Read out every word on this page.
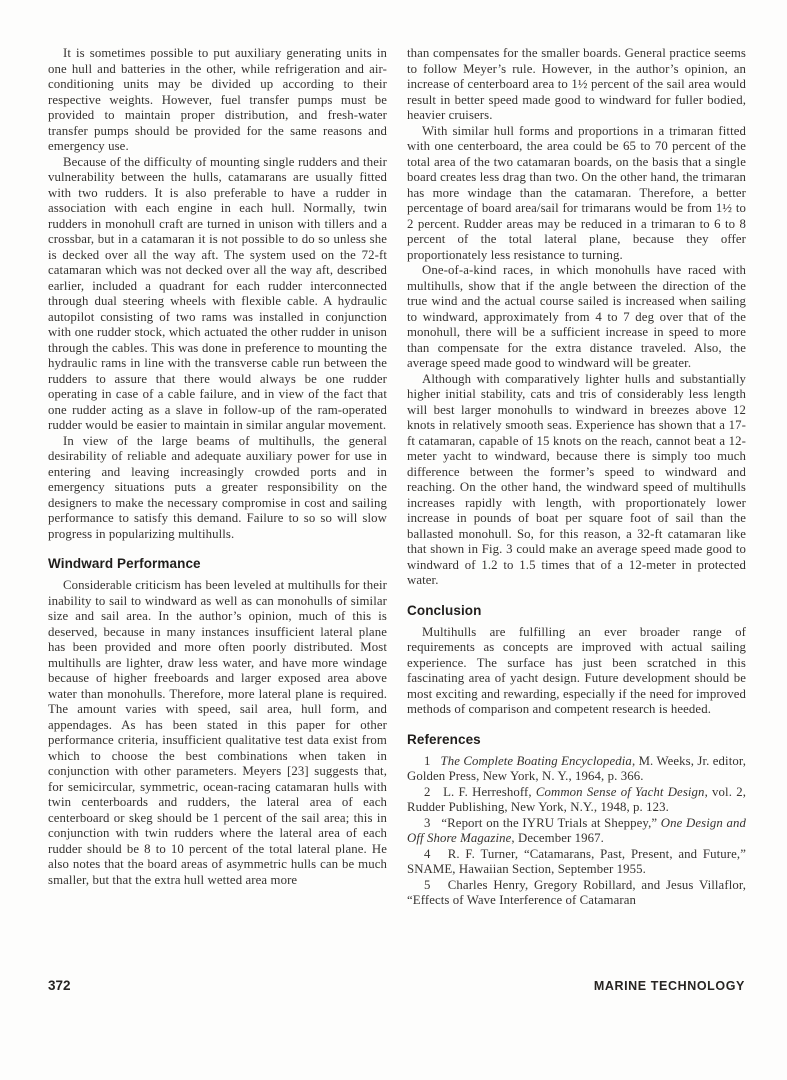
It is sometimes possible to put auxiliary generating units in one hull and batteries in the other, while refrigeration and air-conditioning units may be divided up according to their respective weights. However, fuel transfer pumps must be provided to maintain proper distribution, and fresh-water transfer pumps should be provided for the same reasons and emergency use.

Because of the difficulty of mounting single rudders and their vulnerability between the hulls, catamarans are usually fitted with two rudders. It is also preferable to have a rudder in association with each engine in each hull. Normally, twin rudders in monohull craft are turned in unison with tillers and a crossbar, but in a catamaran it is not possible to do so unless she is decked over all the way aft. The system used on the 72-ft catamaran which was not decked over all the way aft, described earlier, included a quadrant for each rudder interconnected through dual steering wheels with flexible cable. A hydraulic autopilot consisting of two rams was installed in conjunction with one rudder stock, which actuated the other rudder in unison through the cables. This was done in preference to mounting the hydraulic rams in line with the transverse cable run between the rudders to assure that there would always be one rudder operating in case of a cable failure, and in view of the fact that one rudder acting as a slave in follow-up of the ram-operated rudder would be easier to maintain in similar angular movement.

In view of the large beams of multihulls, the general desirability of reliable and adequate auxiliary power for use in entering and leaving increasingly crowded ports and in emergency situations puts a greater responsibility on the designers to make the necessary compromise in cost and sailing performance to satisfy this demand. Failure to so so will slow progress in popularizing multihulls.

Windward Performance

Considerable criticism has been leveled at multihulls for their inability to sail to windward as well as can monohulls of similar size and sail area. In the author’s opinion, much of this is deserved, because in many instances insufficient lateral plane has been provided and more often poorly distributed. Most multihulls are lighter, draw less water, and have more windage because of higher freeboards and larger exposed area above water than monohulls. Therefore, more lateral plane is required. The amount varies with speed, sail area, hull form, and appendages. As has been stated in this paper for other performance criteria, insufficient qualitative test data exist from which to choose the best combinations when taken in conjunction with other parameters. Meyers [23] suggests that, for semicircular, symmetric, ocean-racing catamaran hulls with twin centerboards and rudders, the lateral area of each centerboard or skeg should be 1 percent of the sail area; this in conjunction with twin rudders where the lateral area of each rudder should be 8 to 10 percent of the total lateral plane. He also notes that the board areas of asymmetric hulls can be much smaller, but that the extra hull wetted area more

than compensates for the smaller boards. General practice seems to follow Meyer’s rule. However, in the author’s opinion, an increase of centerboard area to 1½ percent of the sail area would result in better speed made good to windward for fuller bodied, heavier cruisers.

With similar hull forms and proportions in a trimaran fitted with one centerboard, the area could be 65 to 70 percent of the total area of the two catamaran boards, on the basis that a single board creates less drag than two. On the other hand, the trimaran has more windage than the catamaran. Therefore, a better percentage of board area/sail for trimarans would be from 1½ to 2 percent. Rudder areas may be reduced in a trimaran to 6 to 8 percent of the total lateral plane, because they offer proportionately less resistance to turning.

One-of-a-kind races, in which monohulls have raced with multihulls, show that if the angle between the direction of the true wind and the actual course sailed is increased when sailing to windward, approximately from 4 to 7 deg over that of the monohull, there will be a sufficient increase in speed to more than compensate for the extra distance traveled. Also, the average speed made good to windward will be greater.

Although with comparatively lighter hulls and substantially higher initial stability, cats and tris of considerably less length will best larger monohulls to windward in breezes above 12 knots in relatively smooth seas. Experience has shown that a 17-ft catamaran, capable of 15 knots on the reach, cannot beat a 12-meter yacht to windward, because there is simply too much difference between the former’s speed to windward and reaching. On the other hand, the windward speed of multihulls increases rapidly with length, with proportionately lower increase in pounds of boat per square foot of sail than the ballasted monohull. So, for this reason, a 32-ft catamaran like that shown in Fig. 3 could make an average speed made good to windward of 1.2 to 1.5 times that of a 12-meter in protected water.

Conclusion

Multihulls are fulfilling an ever broader range of requirements as concepts are improved with actual sailing experience. The surface has just been scratched in this fascinating area of yacht design. Future development should be most exciting and rewarding, especially if the need for improved methods of comparison and competent research is heeded.

References

1   The Complete Boating Encyclopedia, M. Weeks, Jr. editor, Golden Press, New York, N. Y., 1964, p. 366.

2   L. F. Herreshoff, Common Sense of Yacht Design, vol. 2, Rudder Publishing, New York, N.Y., 1948, p. 123.

3   “Report on the IYRU Trials at Sheppey,” One Design and Off Shore Magazine, December 1967.

4   R. F. Turner, “Catamarans, Past, Present, and Future,” SNAME, Hawaiian Section, September 1955.

5   Charles Henry, Gregory Robillard, and Jesus Villaflor, “Effects of Wave Interference of Catamaran

372	MARINE TECHNOLOGY
